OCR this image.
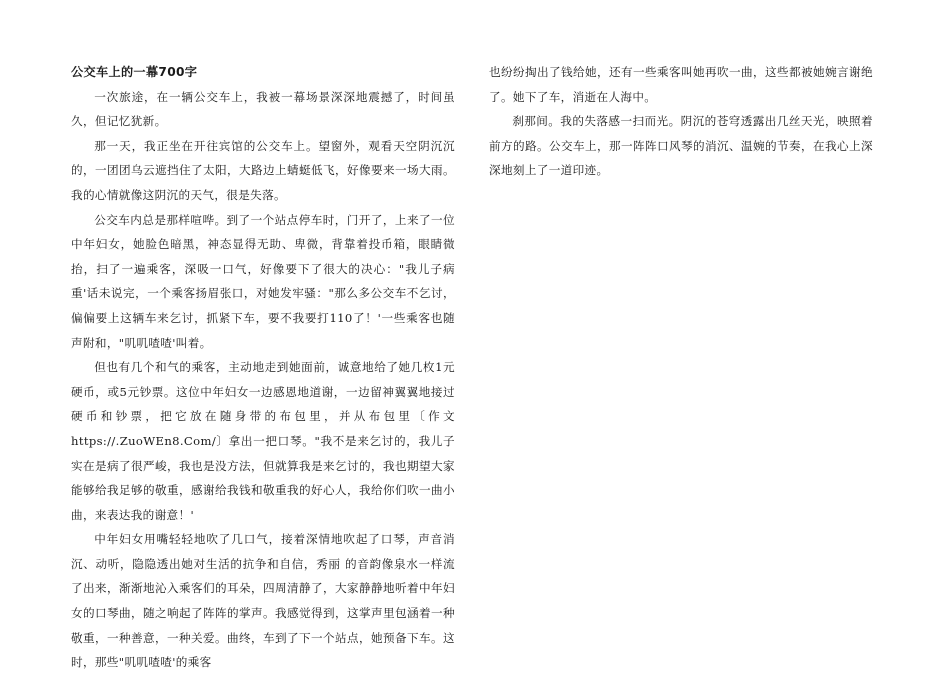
公交车上的一幕700字

一次旅途，在一辆公交车上，我被一幕场景深深地震撼了，时间虽久，但记忆犹新。

那一天，我正坐在开往宾馆的公交车上。望窗外，观看天空阴沉沉的，一团团乌云遮挡住了太阳，大路边上蜻蜓低飞，好像要来一场大雨。我的心情就像这阴沉的天气，很是失落。

公交车内总是那样喧哗。到了一个站点停车时，门开了，上来了一位中年妇女，她脸色暗黑，神态显得无助、卑微，背靠着投币箱，眼睛微抬，扫了一遍乘客，深吸一口气，好像要下了很大的决心："我儿子病重'话未说完，一个乘客扬眉张口，对她发牢骚："那么多公交车不乞讨，偏偏要上这辆车来乞讨，抓紧下车，要不我要打110了！'一些乘客也随声附和，"叽叽喳喳'叫着。

但也有几个和气的乘客，主动地走到她面前，诚意地给了她几枚1元硬币，或5元钞票。这位中年妇女一边感恩地道谢，一边留神翼翼地接过硬币和钞票，把它放在随身带的布包里，并从布包里〔作文https://.ZuoWEn8.Com/〕拿出一把口琴。"我不是来乞讨的，我儿子实在是病了很严峻，我也是没方法，但就算我是来乞讨的，我也期望大家能够给我足够的敬重，感谢给我钱和敬重我的好心人，我给你们吹一曲小曲，来表达我的谢意！'

中年妇女用嘴轻轻地吹了几口气，接着深情地吹起了口琴，声音消沉、动听，隐隐透出她对生活的抗争和自信，秀丽 的音韵像泉水一样流了出来，渐渐地沁入乘客们的耳朵，四周清静了，大家静静地听着中年妇女的口琴曲，随之响起了阵阵的掌声。我感觉得到，这掌声里包涵着一种敬重，一种善意，一种关爱。曲终，车到了下一个站点，她预备下车。这时，那些"叽叽喳喳'的乘客

也纷纷掏出了钱给她，还有一些乘客叫她再吹一曲，这些都被她婉言谢绝了。她下了车，消逝在人海中。

刹那间。我的失落感一扫而光。阴沉的苍穹透露出几丝天光，映照着前方的路。公交车上，那一阵阵口风琴的消沉、温婉的节奏，在我心上深深地刻上了一道印迹。
